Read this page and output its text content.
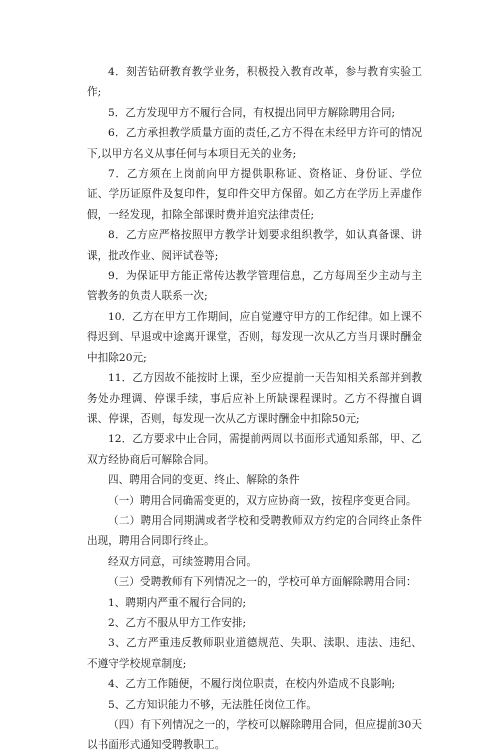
4．刻苦钻研教育教学业务，积极投入教育改革，参与教育实验工作;

5．乙方发现甲方不履行合同，有权提出同甲方解除聘用合同;

6．乙方承担教学质量方面的责任,乙方不得在未经甲方许可的情况下,以甲方名义从事任何与本项目无关的业务;

7．乙方须在上岗前向甲方提供职称证、资格证、身份证、学位证、学历证原件及复印件，复印件交甲方保留。如乙方在学历上弄虚作假，一经发现，扣除全部课时费并追究法律责任;

8．乙方应严格按照甲方教学计划要求组织教学，如认真备课、讲课，批改作业、阅评试卷等;

9．为保证甲方能正常传达教学管理信息，乙方每周至少主动与主管教务的负责人联系一次;

10．乙方在甲方工作期间，应自觉遵守甲方的工作纪律。如上课不得迟到、早退或中途离开课堂，否则，每发现一次从乙方当月课时酬金中扣除20元;

11．乙方因故不能按时上课，至少应提前一天告知相关系部并到教务处办理调、停课手续，事后应补上所缺课程课时。乙方不得擅自调课、停课，否则，每发现一次从乙方课时酬金中扣除50元;

12．乙方要求中止合同，需提前两周以书面形式通知系部，甲、乙双方经协商后可解除合同。

四、聘用合同的变更、终止、解除的条件

（一）聘用合同确需变更的，双方应协商一致，按程序变更合同。

（二）聘用合同期满或者学校和受聘教师双方约定的合同终止条件出现，聘用合同即行终止。

经双方同意，可续签聘用合同。

（三）受聘教师有下列情况之一的，学校可单方面解除聘用合同：

1、聘期内严重不履行合同的;

2、乙方不服从甲方工作安排;

3、乙方严重违反教师职业道德规范、失职、渎职、违法、违纪、不遵守学校规章制度;

4、乙方工作随便，不履行岗位职责，在校内外造成不良影响;

5、乙方知识能力不够，无法胜任岗位工作。

（四）有下列情况之一的，学校可以解除聘用合同，但应提前30天以书面形式通知受聘教职工。
